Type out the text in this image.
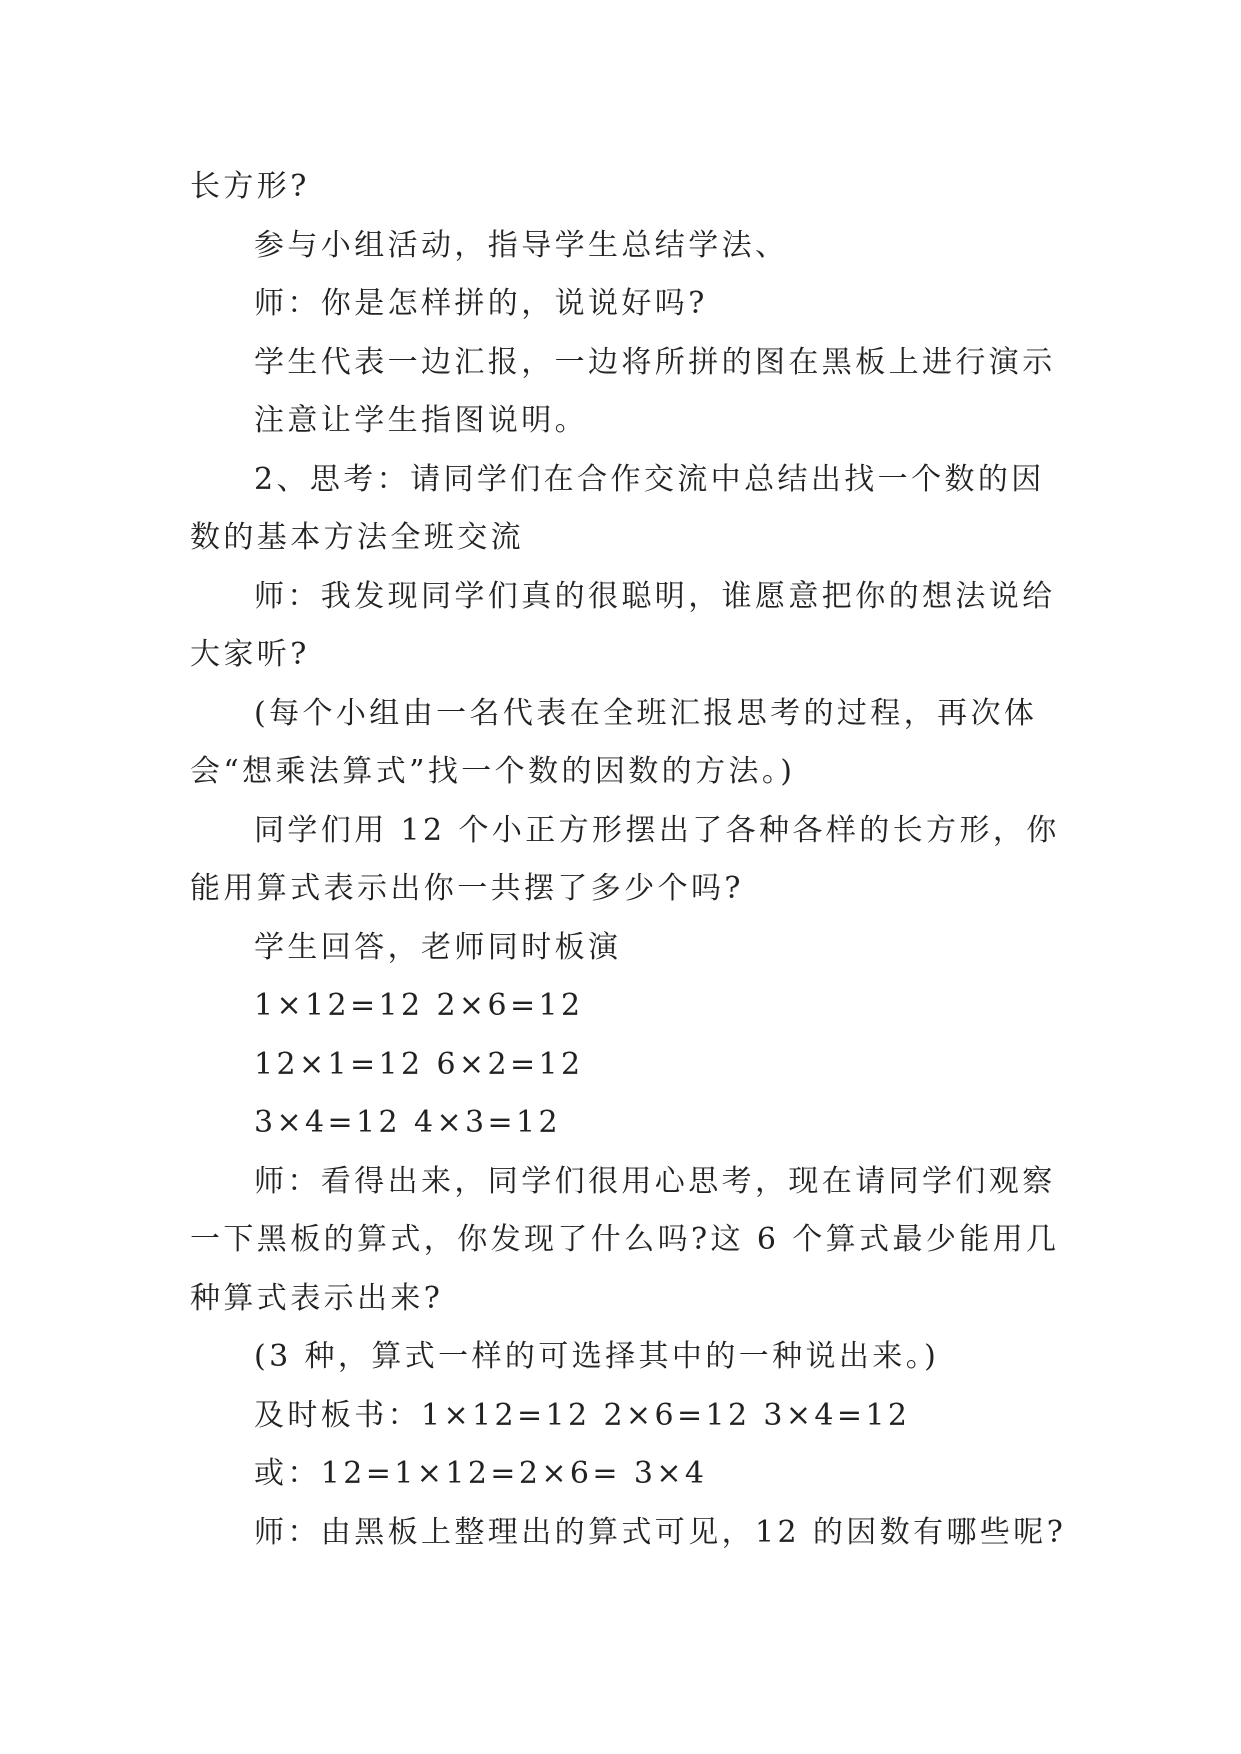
长方形?
参与小组活动，指导学生总结学法、
师：你是怎样拼的，说说好吗?
学生代表一边汇报，一边将所拼的图在黑板上进行演示
注意让学生指图说明。
2、思考：请同学们在合作交流中总结出找一个数的因
数的基本方法全班交流
师：我发现同学们真的很聪明，谁愿意把你的想法说给
大家听?
(每个小组由一名代表在全班汇报思考的过程，再次体
会“想乘法算式”找一个数的因数的方法。)
同学们用 12 个小正方形摆出了各种各样的长方形，你
能用算式表示出你一共摆了多少个吗?
学生回答，老师同时板演
1×12=12 2×6=12
12×1=12 6×2=12
3×4=12 4×3=12
师：看得出来，同学们很用心思考，现在请同学们观察
一下黑板的算式，你发现了什么吗?这 6 个算式最少能用几
种算式表示出来?
(3 种，算式一样的可选择其中的一种说出来。)
及时板书：1×12=12 2×6=12 3×4=12
或：12=1×12=2×6= 3×4
师：由黑板上整理出的算式可见，12 的因数有哪些呢?
